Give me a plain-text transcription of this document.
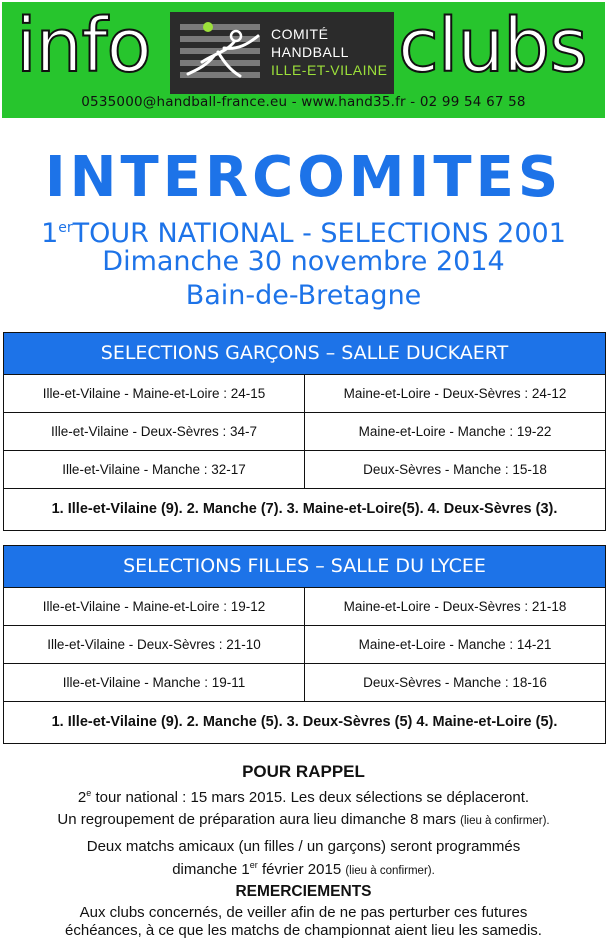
info	COMITÉ
HANDBALL
ILLE-ET-VILAINE clubs
0535000@handball-france.eu - www.hand35.fr - 02 99 54 67 58
INTERCOMITES
1erTOUR NATIONAL - SELECTIONS 2001
Dimanche 30 novembre 2014
Bain-de-Bretagne
SELECTIONS GARÇONS – SALLE DUCKAERT
Ille-et-Vilaine - Maine-et-Loire : 24-15	Maine-et-Loire - Deux-Sèvres : 24-12
Ille-et-Vilaine - Deux-Sèvres : 34-7	Maine-et-Loire - Manche : 19-22
Ille-et-Vilaine - Manche : 32-17	Deux-Sèvres - Manche : 15-18
1. Ille-et-Vilaine (9). 2. Manche (7). 3. Maine-et-Loire(5). 4. Deux-Sèvres (3).
SELECTIONS FILLES – SALLE DU LYCEE
Ille-et-Vilaine - Maine-et-Loire : 19-12	Maine-et-Loire - Deux-Sèvres : 21-18
Ille-et-Vilaine - Deux-Sèvres : 21-10	Maine-et-Loire - Manche : 14-21
Ille-et-Vilaine - Manche : 19-11	Deux-Sèvres - Manche : 18-16
1. Ille-et-Vilaine (9). 2. Manche (5). 3. Deux-Sèvres (5) 4. Maine-et-Loire (5).
POUR RAPPEL
2e tour national : 15 mars 2015. Les deux sélections se déplaceront.
Un regroupement de préparation aura lieu dimanche 8 mars (lieu à confirmer).
Deux matchs amicaux (un filles / un garçons) seront programmés
dimanche 1er février 2015 (lieu à confirmer).
REMERCIEMENTS
Aux clubs concernés, de veiller afin de ne pas perturber ces futures
échéances, à ce que les matchs de championnat aient lieu les samedis.
